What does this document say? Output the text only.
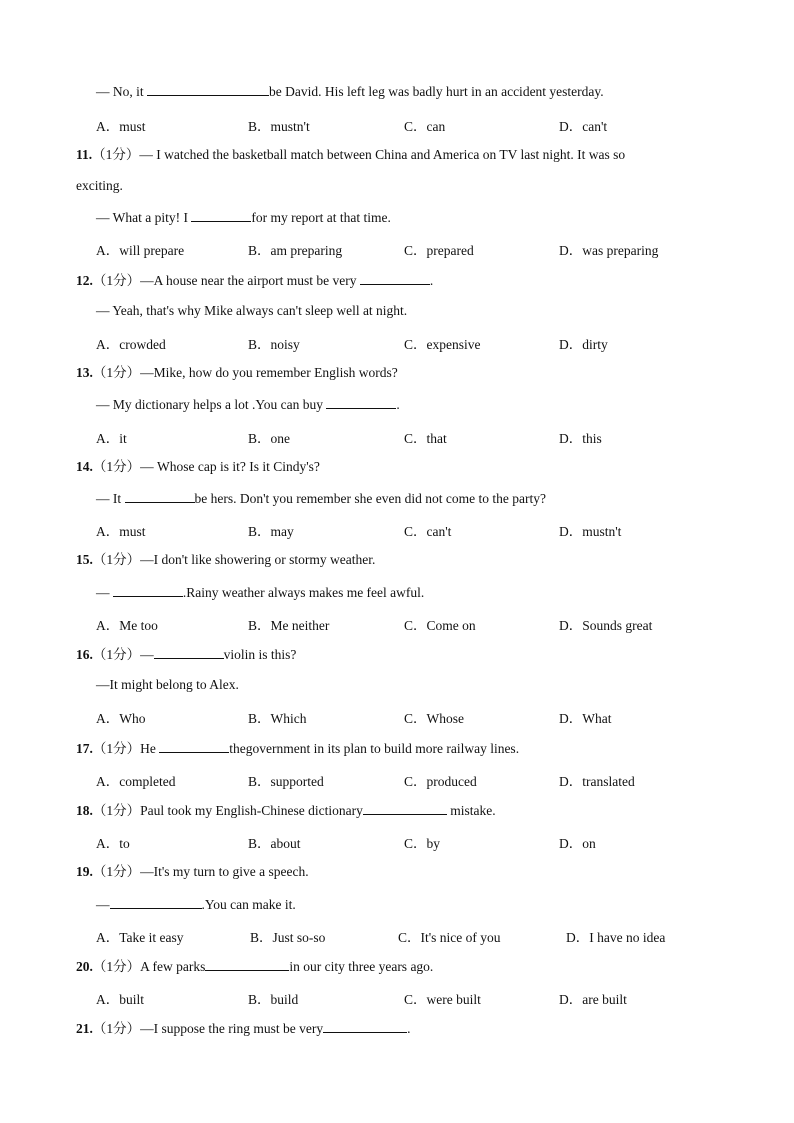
— No, it	be David. His left leg was badly hurt in an accident yesterday.
A．must	B．mustn't	C．can	D．can't
11.（1分）— I watched the basketball match between China and America on TV last night. It was so
exciting.
— What a pity! I	for my report at that time.
A．will prepare	B．am preparing	C．prepared	D．was preparing
12.（1分）—A house near the airport must be very	.
— Yeah, that's why Mike always can't sleep well at night.
A．crowded	B．noisy	C．expensive	D．dirty
13.（1分）—Mike, how do you remember English words?
— My dictionary helps a lot .You can buy	.
A．it	B．one	C．that	D．this
14.（1分）— Whose cap is it? Is it Cindy's?
— It	be hers. Don't you remember she even did not come to the party?
A．must	B．may	C．can't	D．mustn't
15.（1分）—I don't like showering or stormy weather.
—	.Rainy weather always makes me feel awful.
A．Me too	B．Me neither	C．Come on	D．Sounds great
16.（1分）—	violin is this?
—It might belong to Alex.
A．Who	B．Which	C．Whose	D．What
17.（1分）He	thegovernment in its plan to build more railway lines.
A．completed	B．supported	C．produced	D．translated
18.（1分）Paul took my English-Chinese dictionary	mistake.
A．to	B．about	C．by	D．on
19.（1分）—It's my turn to give a speech.
—	.You can make it.
A．Take it easy	B．Just so-so	C．It's nice of you	D．I have no idea
20.（1分）A few parks	in our city three years ago.
A．built	B．build	C．were built	D．are built
21.（1分）—I suppose the ring must be very	.
